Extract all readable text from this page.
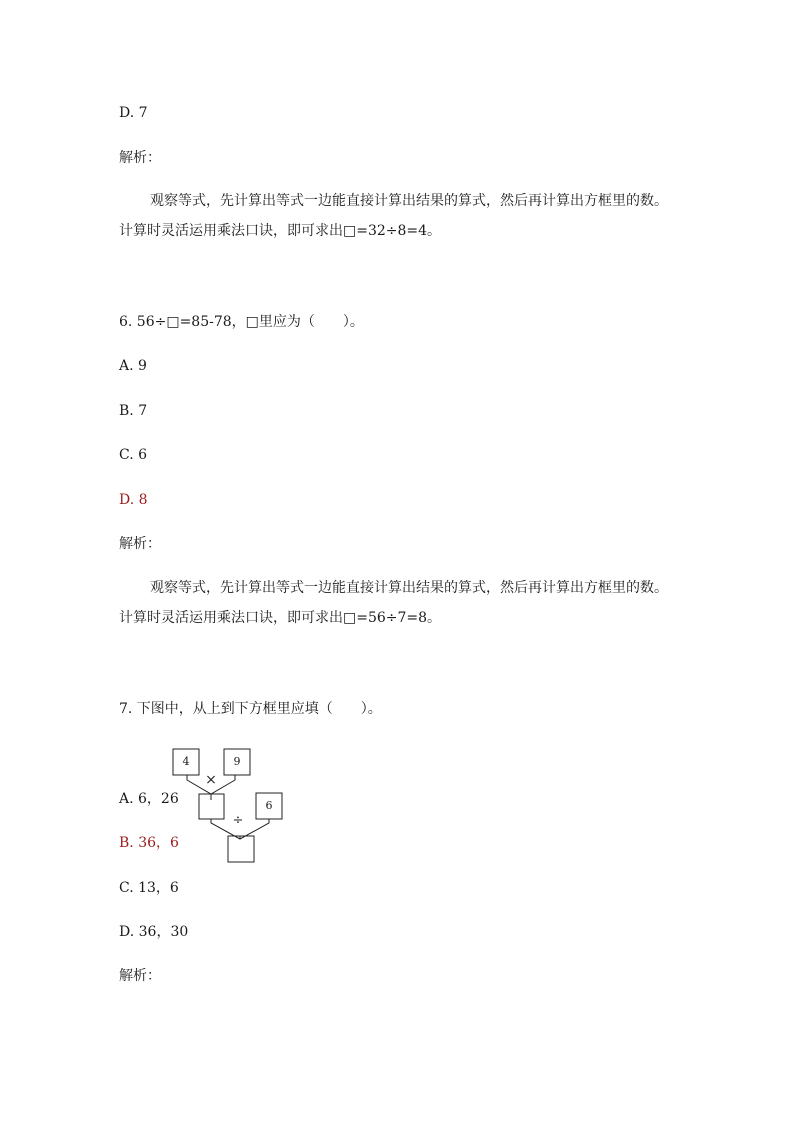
D. 7
解析：
观察等式，先计算出等式一边能直接计算出结果的算式，然后再计算出方框里的数。计算时灵活运用乘法口诀，即可求出□=32÷8=4。
6. 56÷□=85-78，□里应为（　　）。
A. 9
B. 7
C. 6
D. 8
解析：
观察等式，先计算出等式一边能直接计算出结果的算式，然后再计算出方框里的数。计算时灵活运用乘法口诀，即可求出□=56÷7=8。
7. 下图中，从上到下方框里应填（　　）。
4	9
×
6
÷
A. 6，26
B. 36，6
C. 13，6
D. 36，30
解析：
